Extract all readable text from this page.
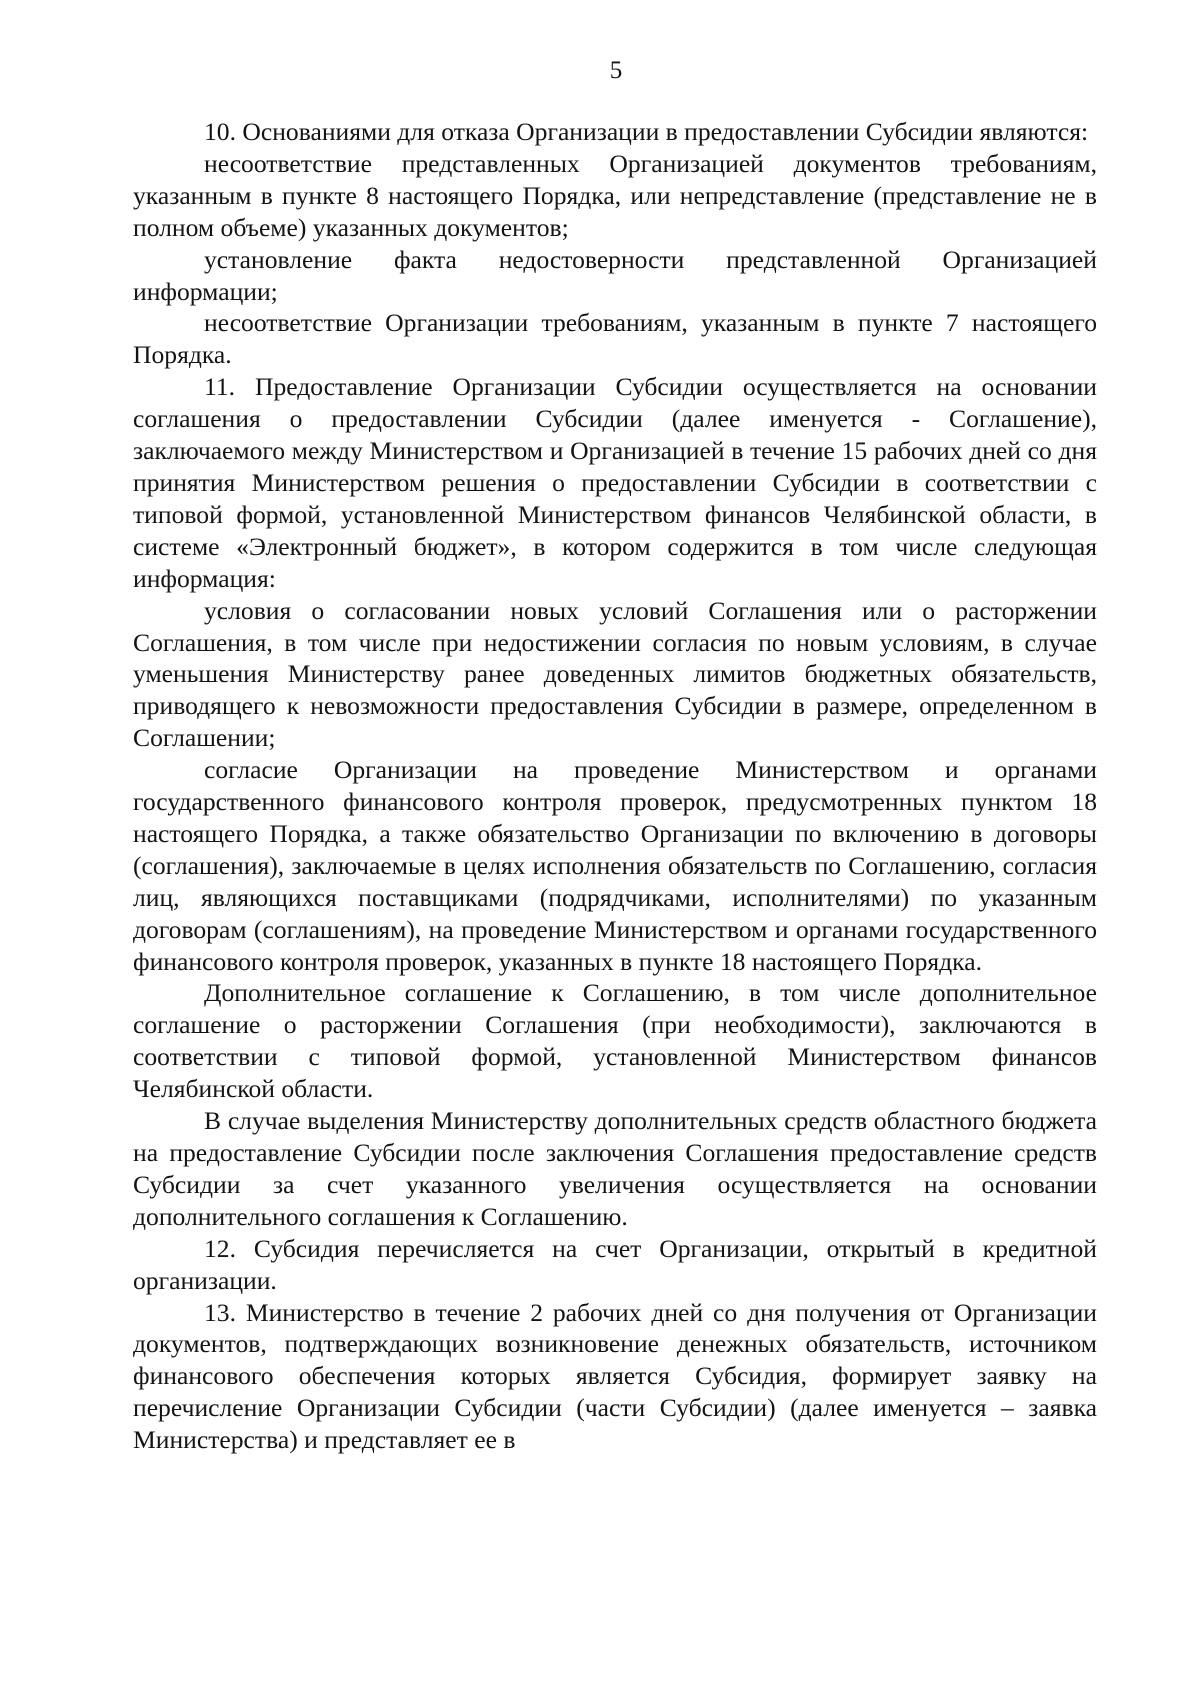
5

10. Основаниями для отказа Организации в предоставлении Субсидии являются:

несоответствие представленных Организацией документов требованиям, указанным в пункте 8 настоящего Порядка, или непредставление (представление не в полном объеме) указанных документов;

установление факта недостоверности представленной Организацией информации;

несоответствие Организации требованиям, указанным в пункте 7 настоящего Порядка.

11. Предоставление Организации Субсидии осуществляется на основании соглашения о предоставлении Субсидии (далее именуется - Соглашение), заключаемого между Министерством и Организацией в течение 15 рабочих дней со дня принятия Министерством решения о предоставлении Субсидии в соответствии с типовой формой, установленной Министерством финансов Челябинской области, в системе «Электронный бюджет», в котором содержится в том числе следующая информация:

условия о согласовании новых условий Соглашения или о расторжении Соглашения, в том числе при недостижении согласия по новым условиям, в случае уменьшения Министерству ранее доведенных лимитов бюджетных обязательств, приводящего к невозможности предоставления Субсидии в размере, определенном в Соглашении;

согласие Организации на проведение Министерством и органами государственного финансового контроля проверок, предусмотренных пунктом 18 настоящего Порядка, а также обязательство Организации по включению в договоры (соглашения), заключаемые в целях исполнения обязательств по Соглашению, согласия лиц, являющихся поставщиками (подрядчиками, исполнителями) по указанным договорам (соглашениям), на проведение Министерством и органами государственного финансового контроля проверок, указанных в пункте 18 настоящего Порядка.

Дополнительное соглашение к Соглашению, в том числе дополнительное соглашение о расторжении Соглашения (при необходимости), заключаются в соответствии с типовой формой, установленной Министерством финансов Челябинской области.

В случае выделения Министерству дополнительных средств областного бюджета на предоставление Субсидии после заключения Соглашения предоставление средств Субсидии за счет указанного увеличения осуществляется на основании дополнительного соглашения к Соглашению.

12. Субсидия перечисляется на счет Организации, открытый в кредитной организации.

13. Министерство в течение 2 рабочих дней со дня получения от Организации документов, подтверждающих возникновение денежных обязательств, источником финансового обеспечения которых является Субсидия, формирует заявку на перечисление Организации Субсидии (части Субсидии) (далее именуется – заявка Министерства) и представляет ее в
